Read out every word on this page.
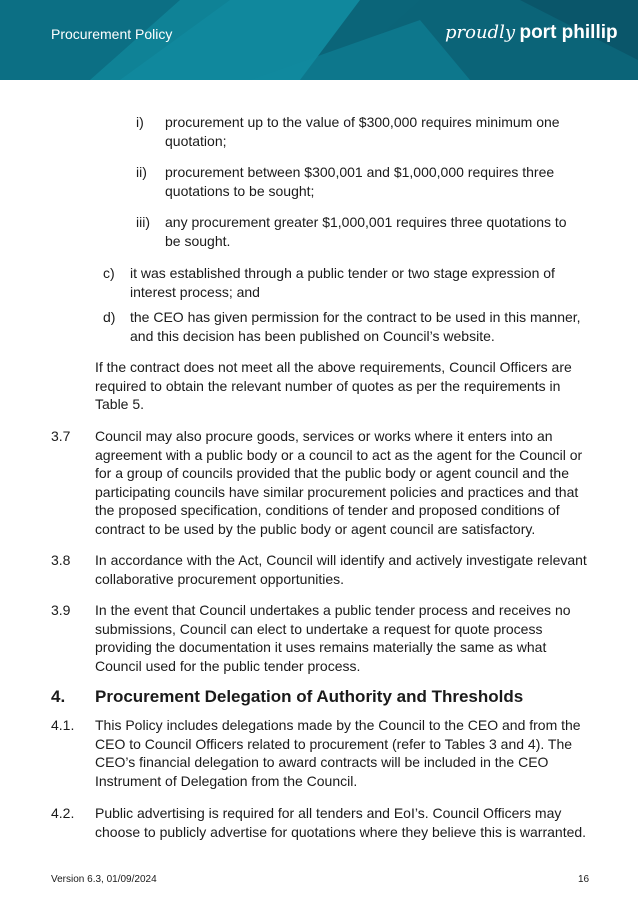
Procurement Policy	proudly port phillip
i) procurement up to the value of $300,000 requires minimum one quotation;
ii) procurement between $300,001 and $1,000,000 requires three quotations to be sought;
iii) any procurement greater $1,000,001 requires three quotations to be sought.
c) it was established through a public tender or two stage expression of interest process; and
d) the CEO has given permission for the contract to be used in this manner, and this decision has been published on Council’s website.
If the contract does not meet all the above requirements, Council Officers are required to obtain the relevant number of quotes as per the requirements in Table 5.
3.7 Council may also procure goods, services or works where it enters into an agreement with a public body or a council to act as the agent for the Council or for a group of councils provided that the public body or agent council and the participating councils have similar procurement policies and practices and that the proposed specification, conditions of tender and proposed conditions of contract to be used by the public body or agent council are satisfactory.
3.8 In accordance with the Act, Council will identify and actively investigate relevant collaborative procurement opportunities.
3.9 In the event that Council undertakes a public tender process and receives no submissions, Council can elect to undertake a request for quote process providing the documentation it uses remains materially the same as what Council used for the public tender process.
4. Procurement Delegation of Authority and Thresholds
4.1. This Policy includes delegations made by the Council to the CEO and from the CEO to Council Officers related to procurement (refer to Tables 3 and 4). The CEO’s financial delegation to award contracts will be included in the CEO Instrument of Delegation from the Council.
4.2. Public advertising is required for all tenders and EoI’s. Council Officers may choose to publicly advertise for quotations where they believe this is warranted.
Version 6.3, 01/09/2024	16
